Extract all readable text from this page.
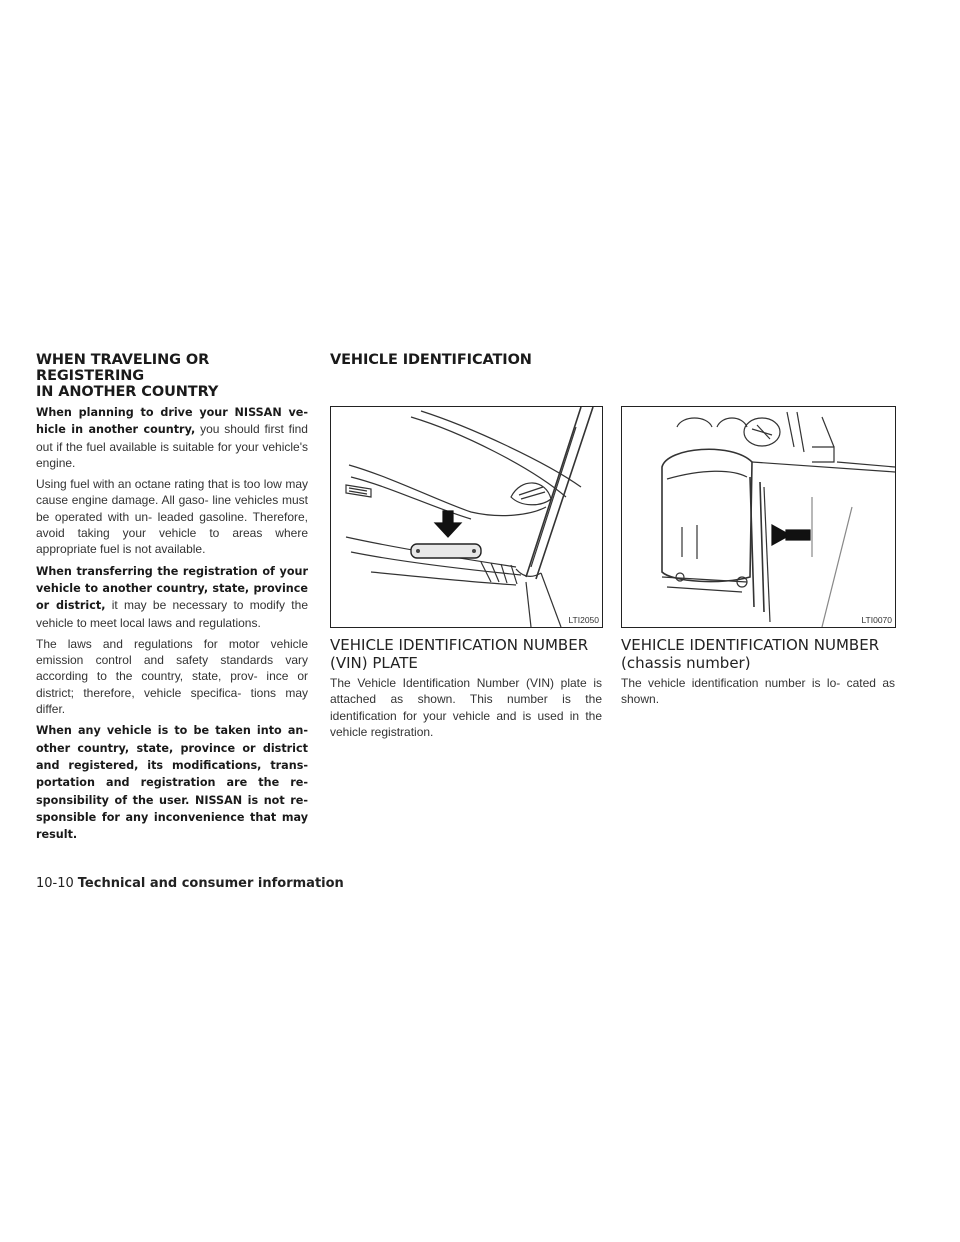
WHEN TRAVELING OR REGISTERING
IN ANOTHER COUNTRY
VEHICLE IDENTIFICATION

When planning to drive your NISSAN ve- hicle in another country, you should first find out if the fuel available is suitable for your vehicle's engine.

Using fuel with an octane rating that is too low may cause engine damage. All gaso- line vehicles must be operated with un- leaded gasoline. Therefore, avoid taking your vehicle to areas where appropriate fuel is not available.

When transferring the registration of your vehicle to another country, state, province or district, it may be necessary to modify the vehicle to meet local laws and regulations.

The laws and regulations for motor vehicle emission control and safety standards vary according to the country, state, prov- ince or district; therefore, vehicle specifica- tions may differ.

When any vehicle is to be taken into an- other country, state, province or district and registered, its modifications, trans- portation and registration are the re- sponsibility of the user. NISSAN is not re- sponsible for any inconvenience that may result.

LTI2050	LTI0070
VEHICLE IDENTIFICATION NUMBER
(VIN) PLATE
VEHICLE IDENTIFICATION NUMBER
(chassis number)
The Vehicle Identification Number (VIN) plate is attached as shown. This number is the identification for your vehicle and is used in the vehicle registration.
The vehicle identification number is lo- cated as shown.
10-10 Technical and consumer information
